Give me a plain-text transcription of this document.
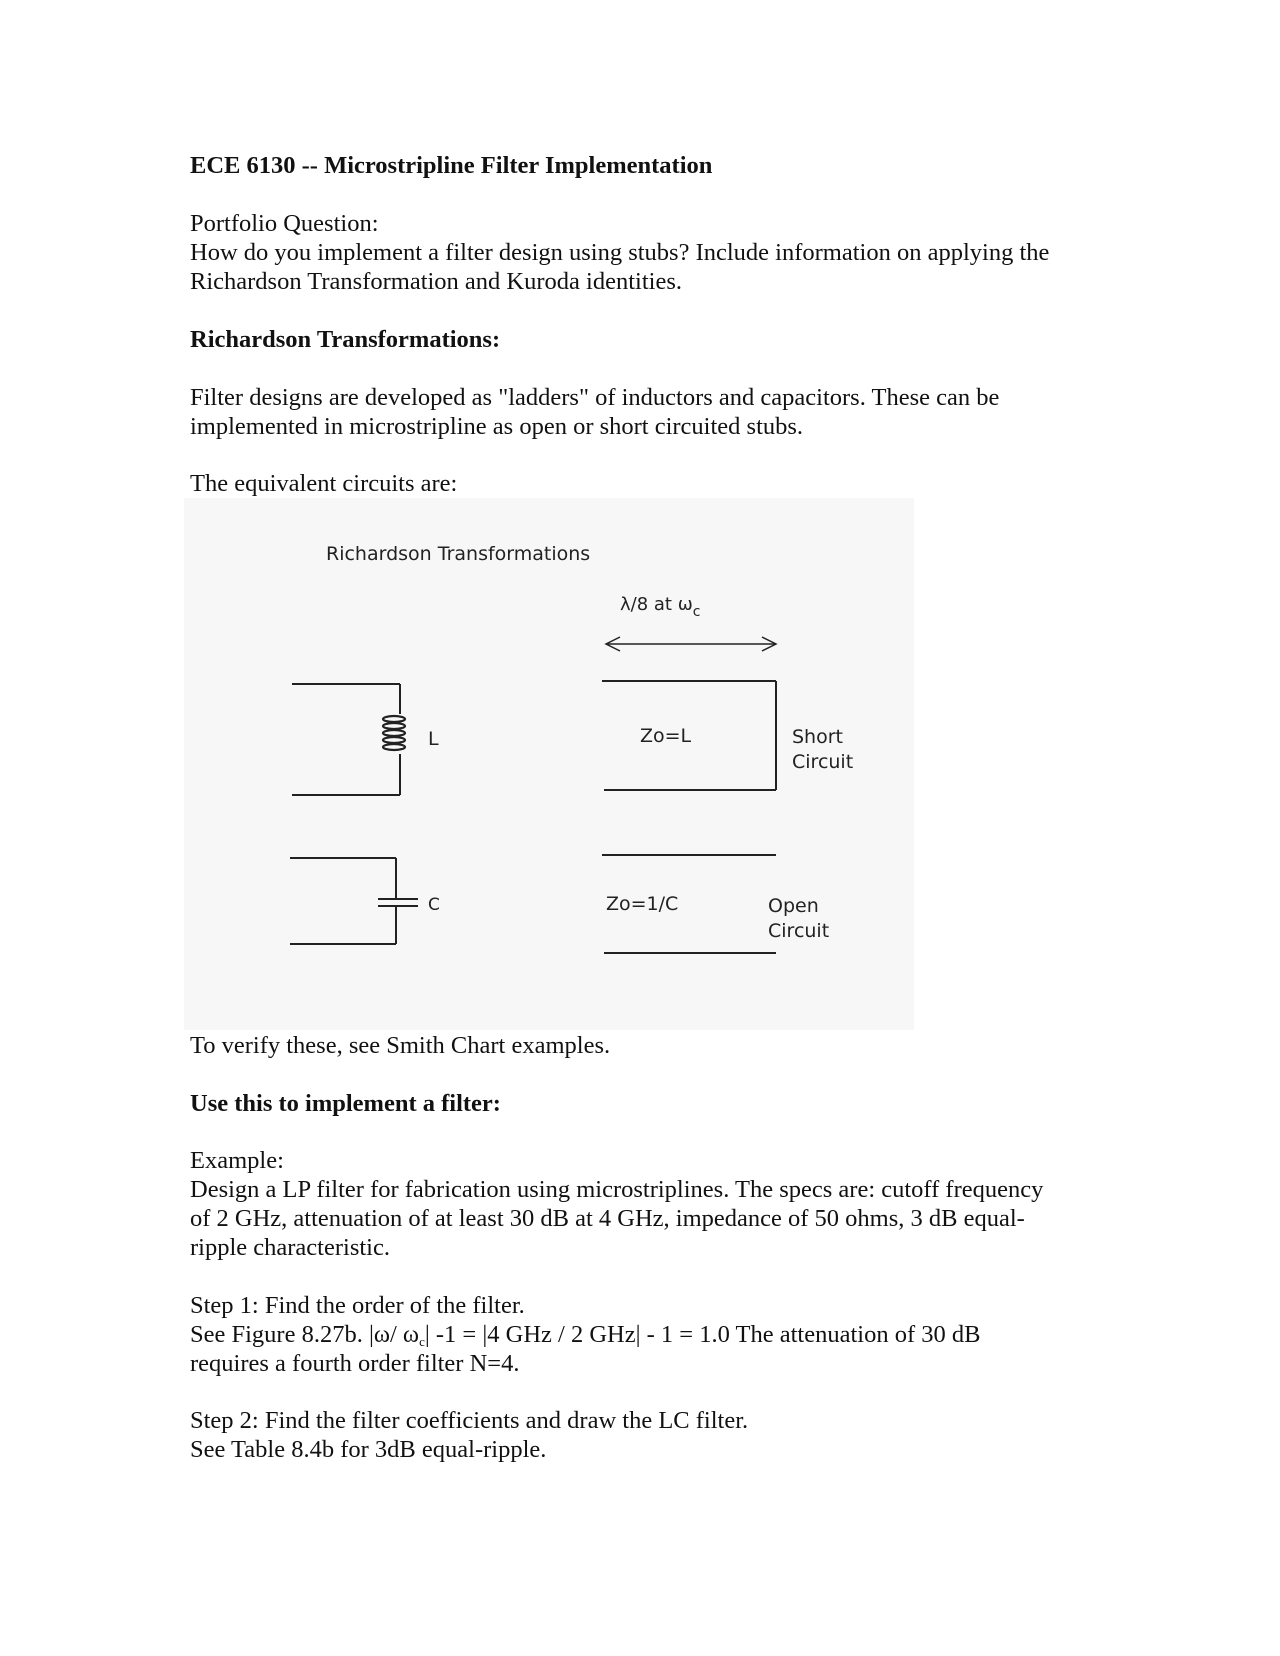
ECE 6130 -- Microstripline Filter Implementation

Portfolio Question:

How do you implement a filter design using stubs? Include information on applying the

Richardson Transformation and Kuroda identities.

Richardson Transformations:

Filter designs are developed as "ladders" of inductors and capacitors. These can be

implemented in microstripline as open or short circuited stubs.

The equivalent circuits are:

Richardson Transformations
λ/8 at $\omega_c$
L	Zo=L	Short
Circuit
C	Zo=1/C	Open
Circuit

To verify these, see Smith Chart examples.

Use this to implement a filter:

Example:

Design a LP filter for fabrication using microstriplines. The specs are: cutoff frequency

of 2 GHz, attenuation of at least 30 dB at 4 GHz, impedance of 50 ohms, 3 dB equal-

ripple characteristic.

Step 1: Find the order of the filter.

See Figure 8.27b. |ω/ $\omega_c|$ -1 = |4 GHz / 2 GHz| - 1 = 1.0 The attenuation of 30 dB

requires a fourth order filter N=4.

Step 2: Find the filter coefficients and draw the LC filter.

See Table 8.4b for 3dB equal-ripple.
